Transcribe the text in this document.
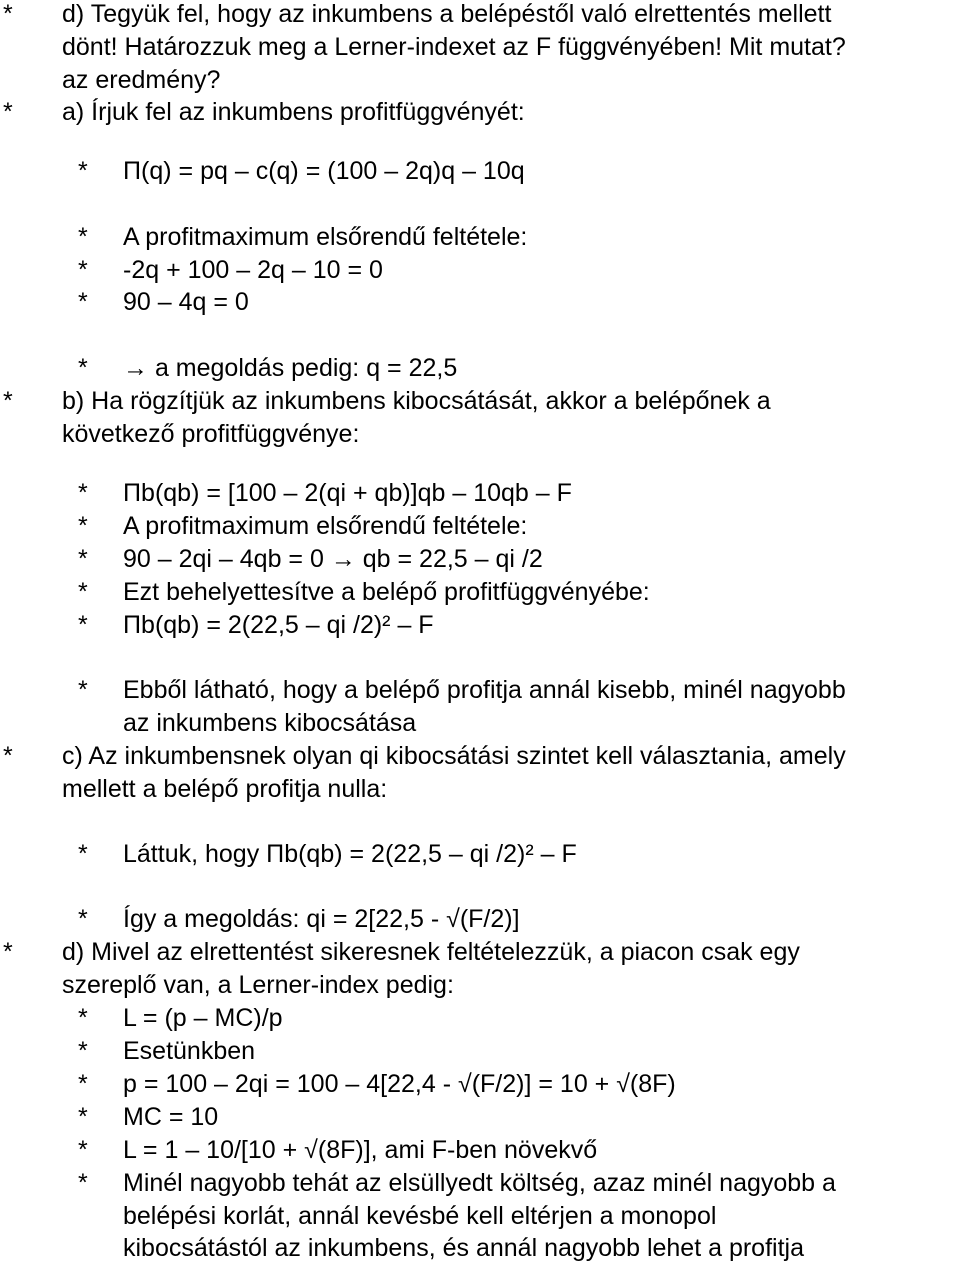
* d) Tegyük fel, hogy az inkumbens a belépéstől való elrettentés mellett
dönt! Határozzuk meg a Lerner-indexet az F függvényében! Mit mutat?
az eredmény?
* a) Írjuk fel az inkumbens profitfüggvényét:
* Π(q) = pq – c(q) = (100 – 2q)q – 10q
* A profitmaximum elsőrendű feltétele:
* -2q + 100 – 2q – 10 = 0
* 90 – 4q = 0
* → a megoldás pedig: q = 22,5
* b) Ha rögzítjük az inkumbens kibocsátását, akkor a belépőnek a
következő profitfüggvénye:
* Πb(qb) = [100 – 2(qi + qb)]qb – 10qb – F
* A profitmaximum elsőrendű feltétele:
* 90 – 2qi – 4qb = 0 → qb = 22,5 – qi /2
* Ezt behelyettesítve a belépő profitfüggvényébe:
* Πb(qb) = 2(22,5 – qi /2)² – F
* Ebből látható, hogy a belépő profitja annál kisebb, minél nagyobb
az inkumbens kibocsátása
* c) Az inkumbensnek olyan qi kibocsátási szintet kell választania, amely
mellett a belépő profitja nulla:
* Láttuk, hogy Πb(qb) = 2(22,5 – qi /2)² – F
* Így a megoldás: qi = 2[22,5 - √(F/2)]
* d) Mivel az elrettentést sikeresnek feltételezzük, a piacon csak egy
szereplő van, a Lerner-index pedig:
* L = (p – MC)/p
* Esetünkben
* p = 100 – 2qi = 100 – 4[22,4 - √(F/2)] = 10 + √(8F)
* MC = 10
* L = 1 – 10/[10 + √(8F)], ami F-ben növekvő
* Minél nagyobb tehát az elsüllyedt költség, azaz minél nagyobb a
belépési korlát, annál kevésbé kell eltérjen a monopol
kibocsátástól az inkumbens, és annál nagyobb lehet a profitja
